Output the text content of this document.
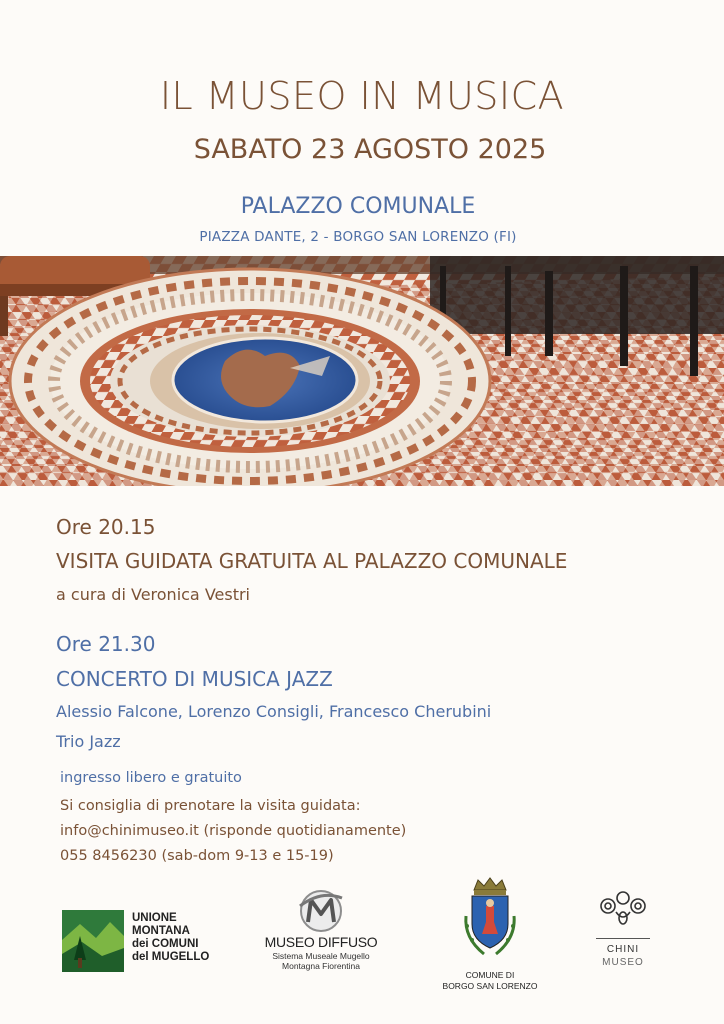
IL MUSEO IN MUSICA
SABATO 23 AGOSTO 2025
PALAZZO COMUNALE
PIAZZA DANTE, 2 - BORGO SAN LORENZO (FI)
Ore 20.15
VISITA GUIDATA GRATUITA AL PALAZZO COMUNALE
a cura di Veronica Vestri
Ore 21.30
CONCERTO DI MUSICA JAZZ
Alessio Falcone, Lorenzo Consigli, Francesco Cherubini
Trio Jazz
ingresso libero e gratuito
Si consiglia di prenotare la visita guidata:
info@chinimuseo.it (risponde quotidianamente)
055 8456230 (sab-dom 9-13 e 15-19)
UNIONE
MONTANA
dei COMUNI
del MUGELLO
MUSEO DIFFUSO
Sistema Museale Mugello
Montagna Fiorentina
COMUNE DI
BORGO SAN LORENZO
CHINI
MUSEO
